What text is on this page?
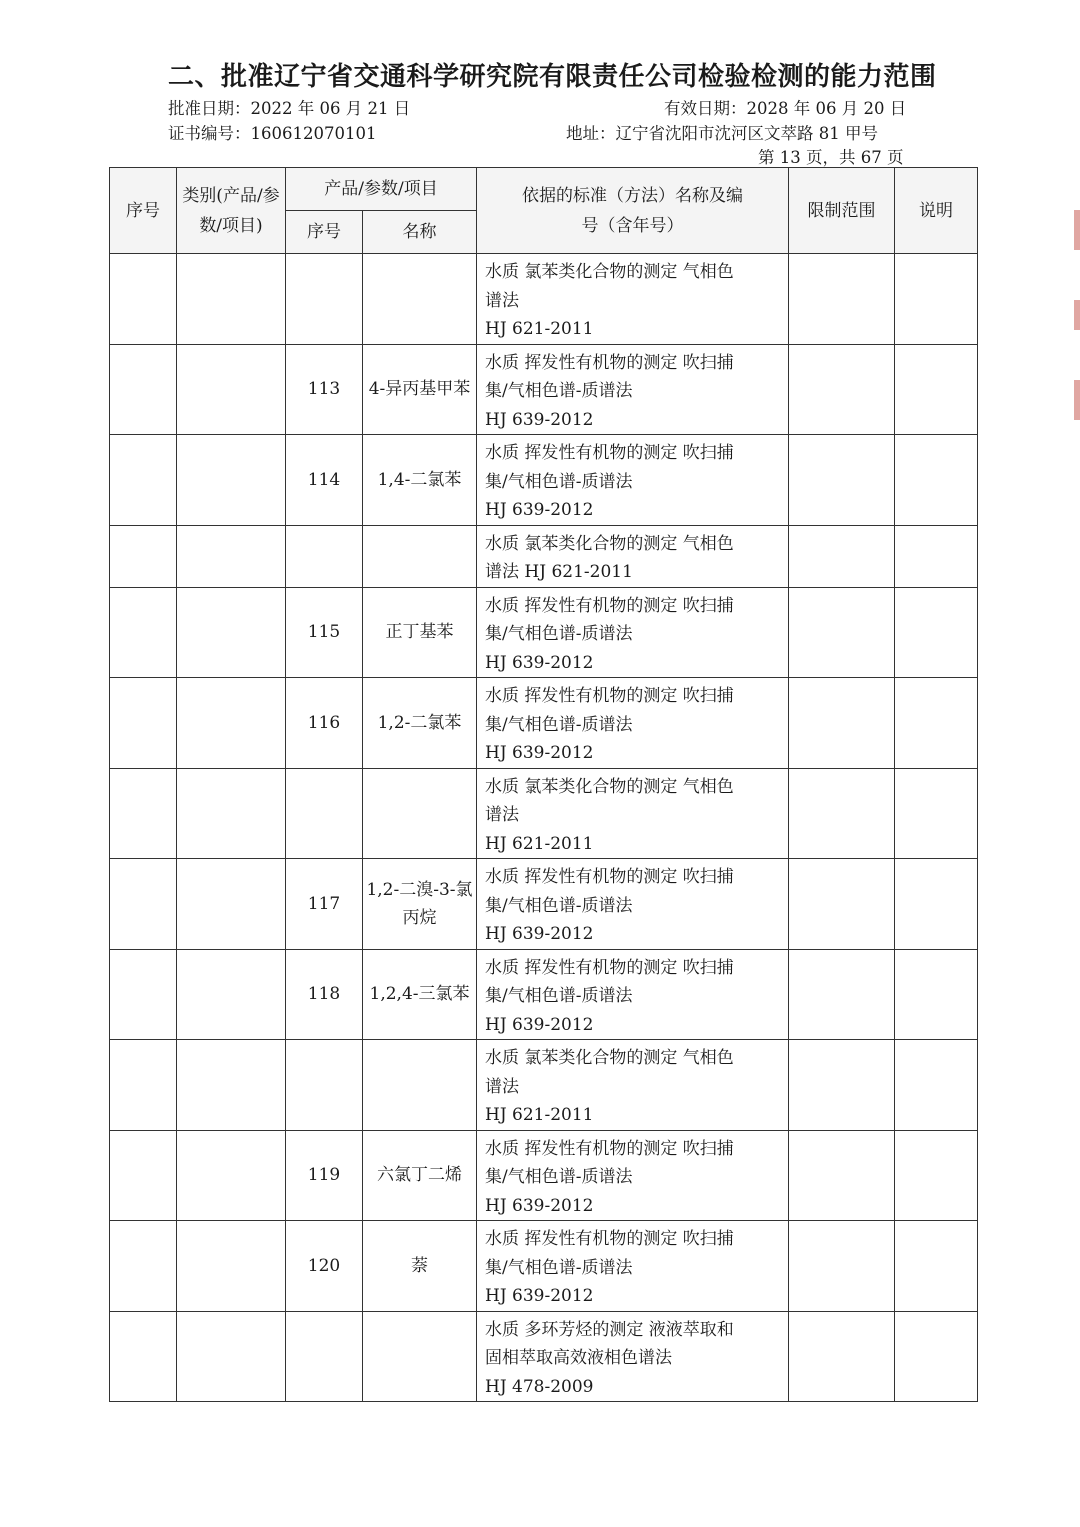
二、批准辽宁省交通科学研究院有限责任公司检验检测的能力范围
批准日期：2022 年 06 月 21 日	有效日期：2028 年 06 月 20 日
证书编号：160612070101	地址：辽宁省沈阳市沈河区文萃路 81 甲号
第 13 页，共 67 页
序号	类别(产品/参数/项目)	产品/参数/项目		依据的标准（方法）名称及编号（含年号）	限制范围	说明
		序号	名称			

				水质 氯苯类化合物的测定 气相色
谱法
HJ 621-2011		

		113	4-异丙基甲苯	水质 挥发性有机物的测定 吹扫捕
集/气相色谱-质谱法
HJ 639-2012		

		114	1,4-二氯苯	水质 挥发性有机物的测定 吹扫捕
集/气相色谱-质谱法
HJ 639-2012		

				水质 氯苯类化合物的测定 气相色
谱法 HJ 621-2011		

		115	正丁基苯	水质 挥发性有机物的测定 吹扫捕
集/气相色谱-质谱法
HJ 639-2012		

		116	1,2-二氯苯	水质 挥发性有机物的测定 吹扫捕
集/气相色谱-质谱法
HJ 639-2012		

				水质 氯苯类化合物的测定 气相色
谱法
HJ 621-2011		

		117	1,2-二溴-3-氯丙烷	水质 挥发性有机物的测定 吹扫捕
集/气相色谱-质谱法
HJ 639-2012		

		118	1,2,4-三氯苯	水质 挥发性有机物的测定 吹扫捕
集/气相色谱-质谱法
HJ 639-2012		

				水质 氯苯类化合物的测定 气相色
谱法
HJ 621-2011		

		119	六氯丁二烯	水质 挥发性有机物的测定 吹扫捕
集/气相色谱-质谱法
HJ 639-2012		

		120	萘	水质 挥发性有机物的测定 吹扫捕
集/气相色谱-质谱法
HJ 639-2012		

				水质 多环芳烃的测定 液液萃取和
固相萃取高效液相色谱法
HJ 478-2009		
